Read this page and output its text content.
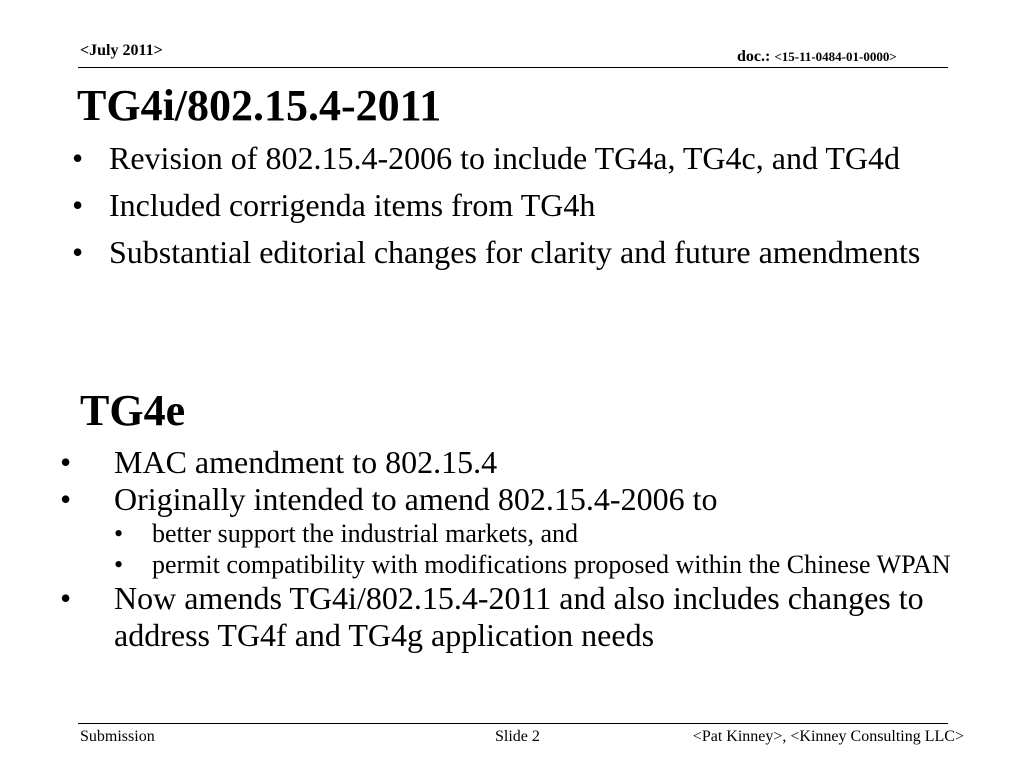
<July 2011>	doc.: <15-11-0484-01-0000>
TG4i/802.15.4-2011
• Revision of 802.15.4-2006 to include TG4a, TG4c, and TG4d
• Included corrigenda items from TG4h
• Substantial editorial changes for clarity and future amendments
TG4e
• MAC amendment to 802.15.4
• Originally intended to amend 802.15.4-2006 to
• better support the industrial markets, and
• permit compatibility with modifications proposed within the Chinese WPAN
• Now amends TG4i/802.15.4-2011 and also includes changes to address TG4f and TG4g application needs
Submission	Slide 2	<Pat Kinney>, <Kinney Consulting LLC>
